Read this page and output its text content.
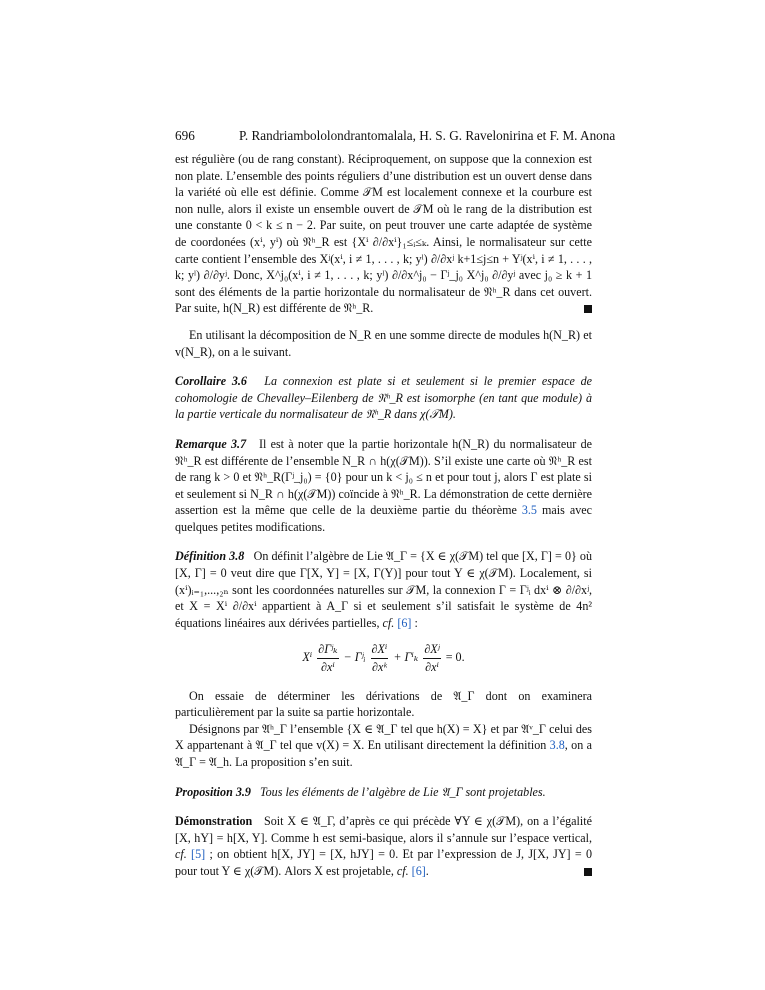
696	P. Randriambololondrantomalala, H. S. G. Ravelonirina et F. M. Anona

est régulière (ou de rang constant). Réciproquement, on suppose que la connexion est non plate. L’ensemble des points réguliers d’une distribution est un ouvert dense dans la variété où elle est définie. Comme 𝒯M est localement connexe et la courbure est non nulle, alors il existe un ensemble ouvert de 𝒯M où le rang de la distribution est une constante 0 < k ≤ n − 2. Par suite, on peut trouver une carte adaptée de système de coordonées (xⁱ, yⁱ) où 𝔑ʰ_R est {Xⁱ ∂/∂xⁱ}₁≤ᵢ≤ₖ. Ainsi, le normalisateur sur cette carte contient l’ensemble des Xʲ(xⁱ, i ≠ 1, . . . , k; yˡ) ∂/∂xʲ k+1≤j≤n + Yʲ(xⁱ, i ≠ 1, . . . , k; yˡ) ∂/∂yʲ. Donc, X^j₀(xⁱ, i ≠ 1, . . . , k; yˡ) ∂/∂x^j₀ − Γʲ_j₀ X^j₀ ∂/∂yʲ avec j₀ ≥ k + 1 sont des éléments de la partie horizontale du normalisateur de 𝔑ʰ_R dans cet ouvert. Par suite, h(N_R) est différente de 𝔑ʰ_R.

En utilisant la décomposition de N_R en une somme directe de modules h(N_R) et v(N_R), on a le suivant.

Corollaire 3.6 La connexion est plate si et seulement si le premier espace de cohomologie de Chevalley–Eilenberg de 𝔑ʰ_R est isomorphe (en tant que module) à la partie verticale du normalisateur de 𝔑ʰ_R dans χ(𝒯M).

Remarque 3.7 Il est à noter que la partie horizontale h(N_R) du normalisateur de 𝔑ʰ_R est différente de l’ensemble N_R ∩ h(χ(𝒯M)). S’il existe une carte où 𝔑ʰ_R est de rang k > 0 et 𝔑ʰ_R(Γʲ_j₀) = {0} pour un k < j₀ ≤ n et pour tout j, alors Γ est plate si et seulement si N_R ∩ h(χ(𝒯M)) coïncide à 𝔑ʰ_R. La démonstration de cette dernière assertion est la même que celle de la deuxième partie du théorème 3.5 mais avec quelques petites modifications.

Définition 3.8 On définit l’algèbre de Lie 𝔄_Γ = {X ∈ χ(𝒯M) tel que [X, Γ] = 0} où [X, Γ] = 0 veut dire que Γ[X, Y] = [X, Γ(Y)] pour tout Y ∈ χ(𝒯M). Localement, si (xⁱ)ᵢ₌₁,...,₂ₙ sont les coordonnées naturelles sur 𝒯M, la connexion Γ = Γʲᵢ dxⁱ ⊗ ∂/∂xʲ, et X = Xⁱ ∂/∂xⁱ appartient à A_Γ si et seulement s’il satisfait le système de 4n² équations linéaires aux dérivées partielles, cf. [6] :

Xⁱ $\frac{\text{∂Γʲₖ}}{\text{∂xⁱ}}$ − Γʲᵢ $\frac{\text{∂Xⁱ}}{\text{∂xᵏ}} + \Gamma^i_k \frac{\text{∂Xʲ}}{\text{∂xⁱ}} = 0$.

On essaie de déterminer les dérivations de 𝔄_Γ dont on examinera particulièrement par la suite sa partie horizontale.

Désignons par 𝔄ʰ_Γ l’ensemble {X ∈ 𝔄_Γ tel que h(X) = X} et par 𝔄ᵛ_Γ celui des X appartenant à 𝔄_Γ tel que v(X) = X. En utilisant directement la définition 3.8, on a 𝔄_Γ = 𝔄_h. La proposition s’en suit.

Proposition 3.9 Tous les éléments de l’algèbre de Lie 𝔄_Γ sont projetables.

Démonstration Soit X ∈ 𝔄_Γ, d’après ce qui précède ∀Y ∈ χ(𝒯M), on a l’égalité [X, hY] = h[X, Y]. Comme h est semi-basique, alors il s’annule sur l’espace vertical, cf. [5] ; on obtient h[X, JY] = [X, hJY] = 0. Et par l’expression de J, J[X, JY] = 0 pour tout Y ∈ χ(𝒯M). Alors X est projetable, cf. [6].
